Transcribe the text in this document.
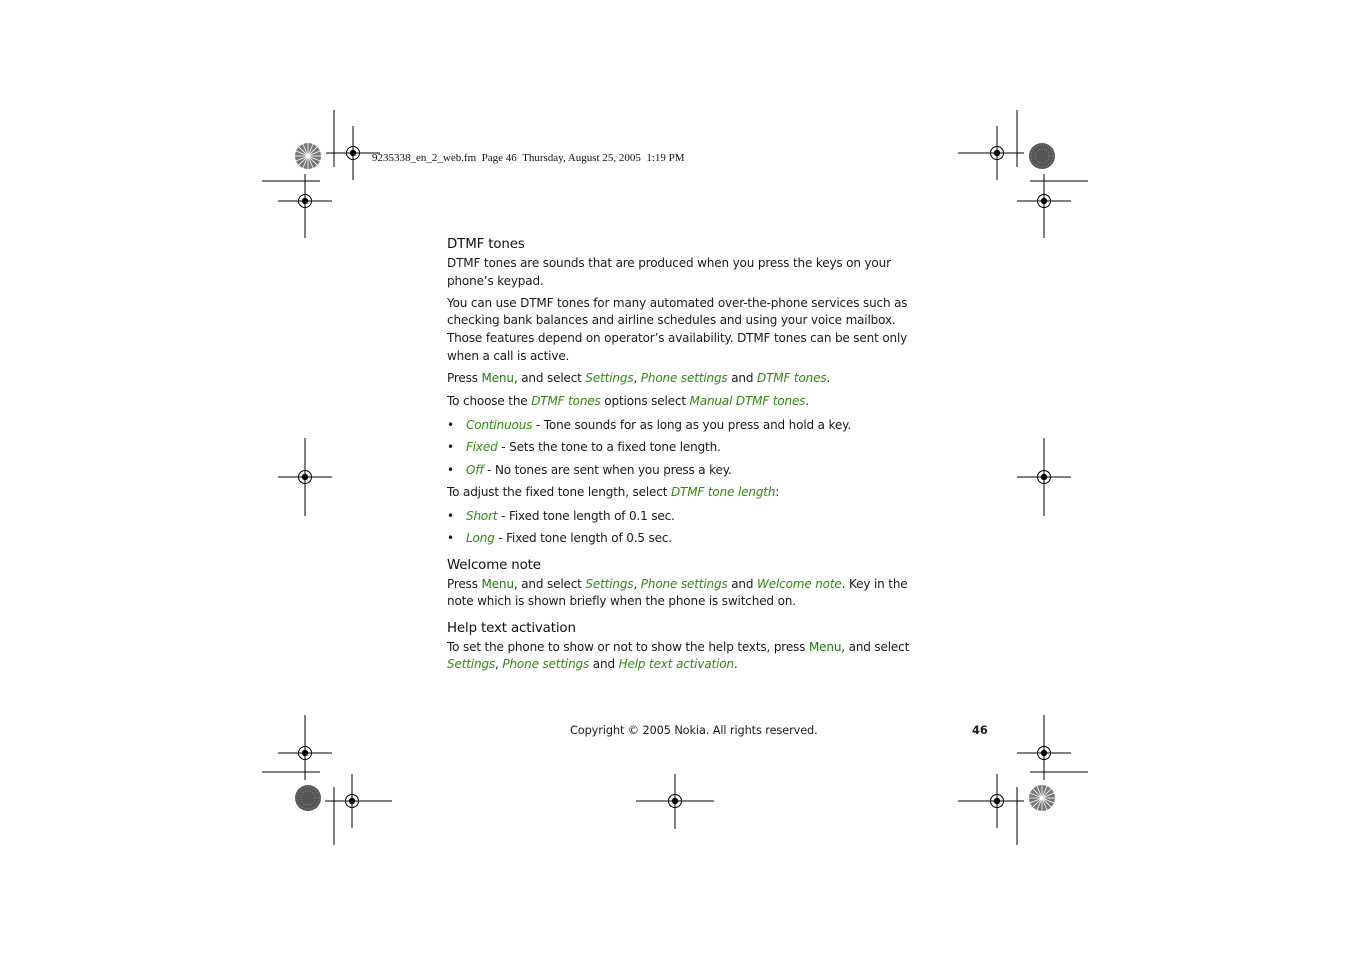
9235338_en_2_web.fm  Page 46  Thursday, August 25, 2005  1:19 PM
DTMF tones
DTMF tones are sounds that are produced when you press the keys on your phone’s keypad.
You can use DTMF tones for many automated over-the-phone services such as checking bank balances and airline schedules and using your voice mailbox. Those features depend on operator’s availability. DTMF tones can be sent only when a call is active.
Press Menu, and select Settings, Phone settings and DTMF tones.
To choose the DTMF tones options select Manual DTMF tones.
• Continuous - Tone sounds for as long as you press and hold a key.
• Fixed - Sets the tone to a fixed tone length.
• Off - No tones are sent when you press a key.
To adjust the fixed tone length, select DTMF tone length:
• Short - Fixed tone length of 0.1 sec.
• Long - Fixed tone length of 0.5 sec.
Welcome note
Press Menu, and select Settings, Phone settings and Welcome note. Key in the note which is shown briefly when the phone is switched on.
Help text activation
To set the phone to show or not to show the help texts, press Menu, and select Settings, Phone settings and Help text activation.
Copyright © 2005 Nokia. All rights reserved.	46
